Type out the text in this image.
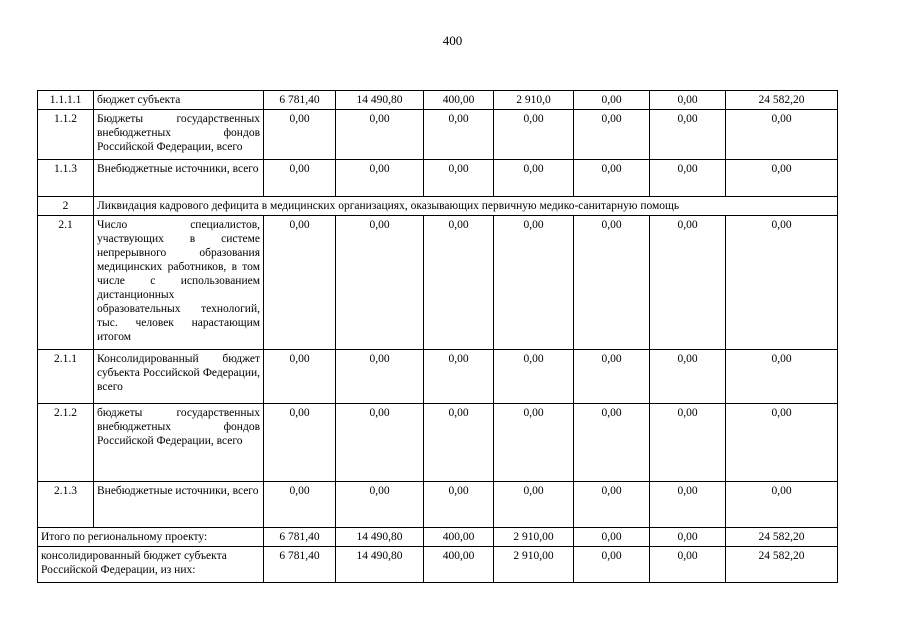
400
1.1.1.1	бюджет субъекта	6 781,40	14 490,80	400,00	2 910,0	0,00	0,00	24 582,20
1.1.2	Бюджеты государственных внебюджетных фондов Российской Федерации, всего	0,00	0,00	0,00	0,00	0,00	0,00	0,00
1.1.3	Внебюджетные источники, всего	0,00	0,00	0,00	0,00	0,00	0,00	0,00
2	Ликвидация кадрового дефицита в медицинских организациях, оказывающих первичную медико-санитарную помощь							
2.1	Число специалистов, участвующих в системе непрерывного образования медицинских работников, в том числе с использованием дистанционных образовательных технологий, тыс. человек нарастающим итогом	0,00	0,00	0,00	0,00	0,00	0,00	0,00
2.1.1	Консолидированный бюджет субъекта Российской Федерации, всего	0,00	0,00	0,00	0,00	0,00	0,00	0,00
2.1.2	бюджеты государственных внебюджетных фондов Российской Федерации, всего	0,00	0,00	0,00	0,00	0,00	0,00	0,00
2.1.3	Внебюджетные источники, всего	0,00	0,00	0,00	0,00	0,00	0,00	0,00
Итого по региональному проекту:		6 781,40	14 490,80	400,00	2 910,00	0,00	0,00	24 582,20
консолидированный бюджет субъекта Российской Федерации, из них:		6 781,40	14 490,80	400,00	2 910,00	0,00	0,00	24 582,20
